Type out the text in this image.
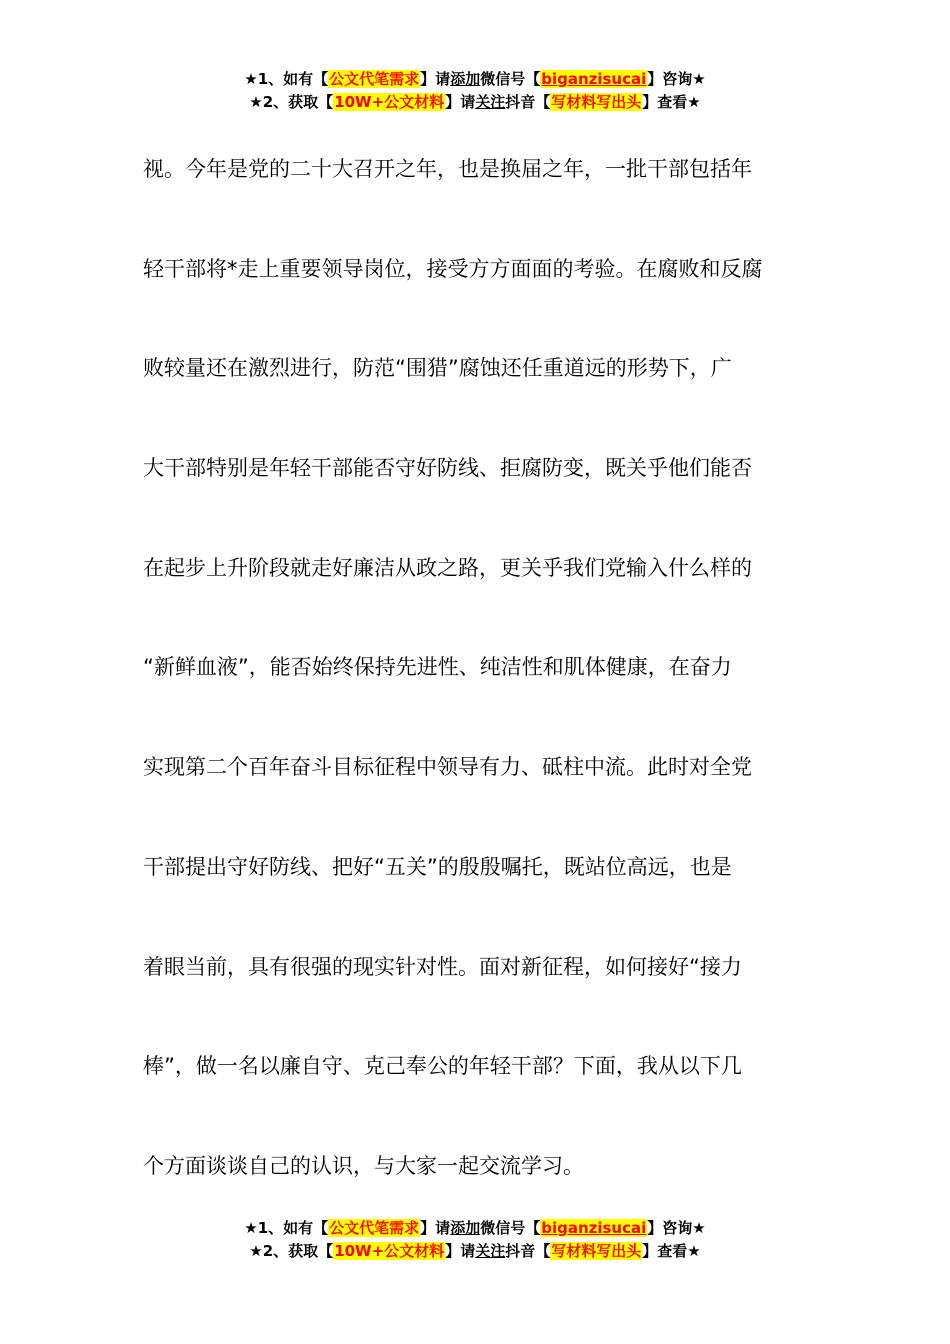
★1、如有【公文代笔需求】请添加微信号【biganzisucai】咨询★
★2、获取【10W+公文材料】请关注抖音【写材料写出头】查看★
视。今年是党的二十大召开之年，也是换届之年，一批干部包括年
轻干部将*走上重要领导岗位，接受方方面面的考验。在腐败和反腐
败较量还在激烈进行，防范“围猎”腐蚀还任重道远的形势下，广
大干部特别是年轻干部能否守好防线、拒腐防变，既关乎他们能否
在起步上升阶段就走好廉洁从政之路，更关乎我们党输入什么样的
“新鲜血液”，能否始终保持先进性、纯洁性和肌体健康，在奋力
实现第二个百年奋斗目标征程中领导有力、砥柱中流。此时对全党
干部提出守好防线、把好“五关”的殷殷嘱托，既站位高远，也是
着眼当前，具有很强的现实针对性。面对新征程，如何接好“接力
棒”，做一名以廉自守、克己奉公的年轻干部？下面，我从以下几
个方面谈谈自己的认识，与大家一起交流学习。
★1、如有【公文代笔需求】请添加微信号【biganzisucai】咨询★
★2、获取【10W+公文材料】请关注抖音【写材料写出头】查看★
